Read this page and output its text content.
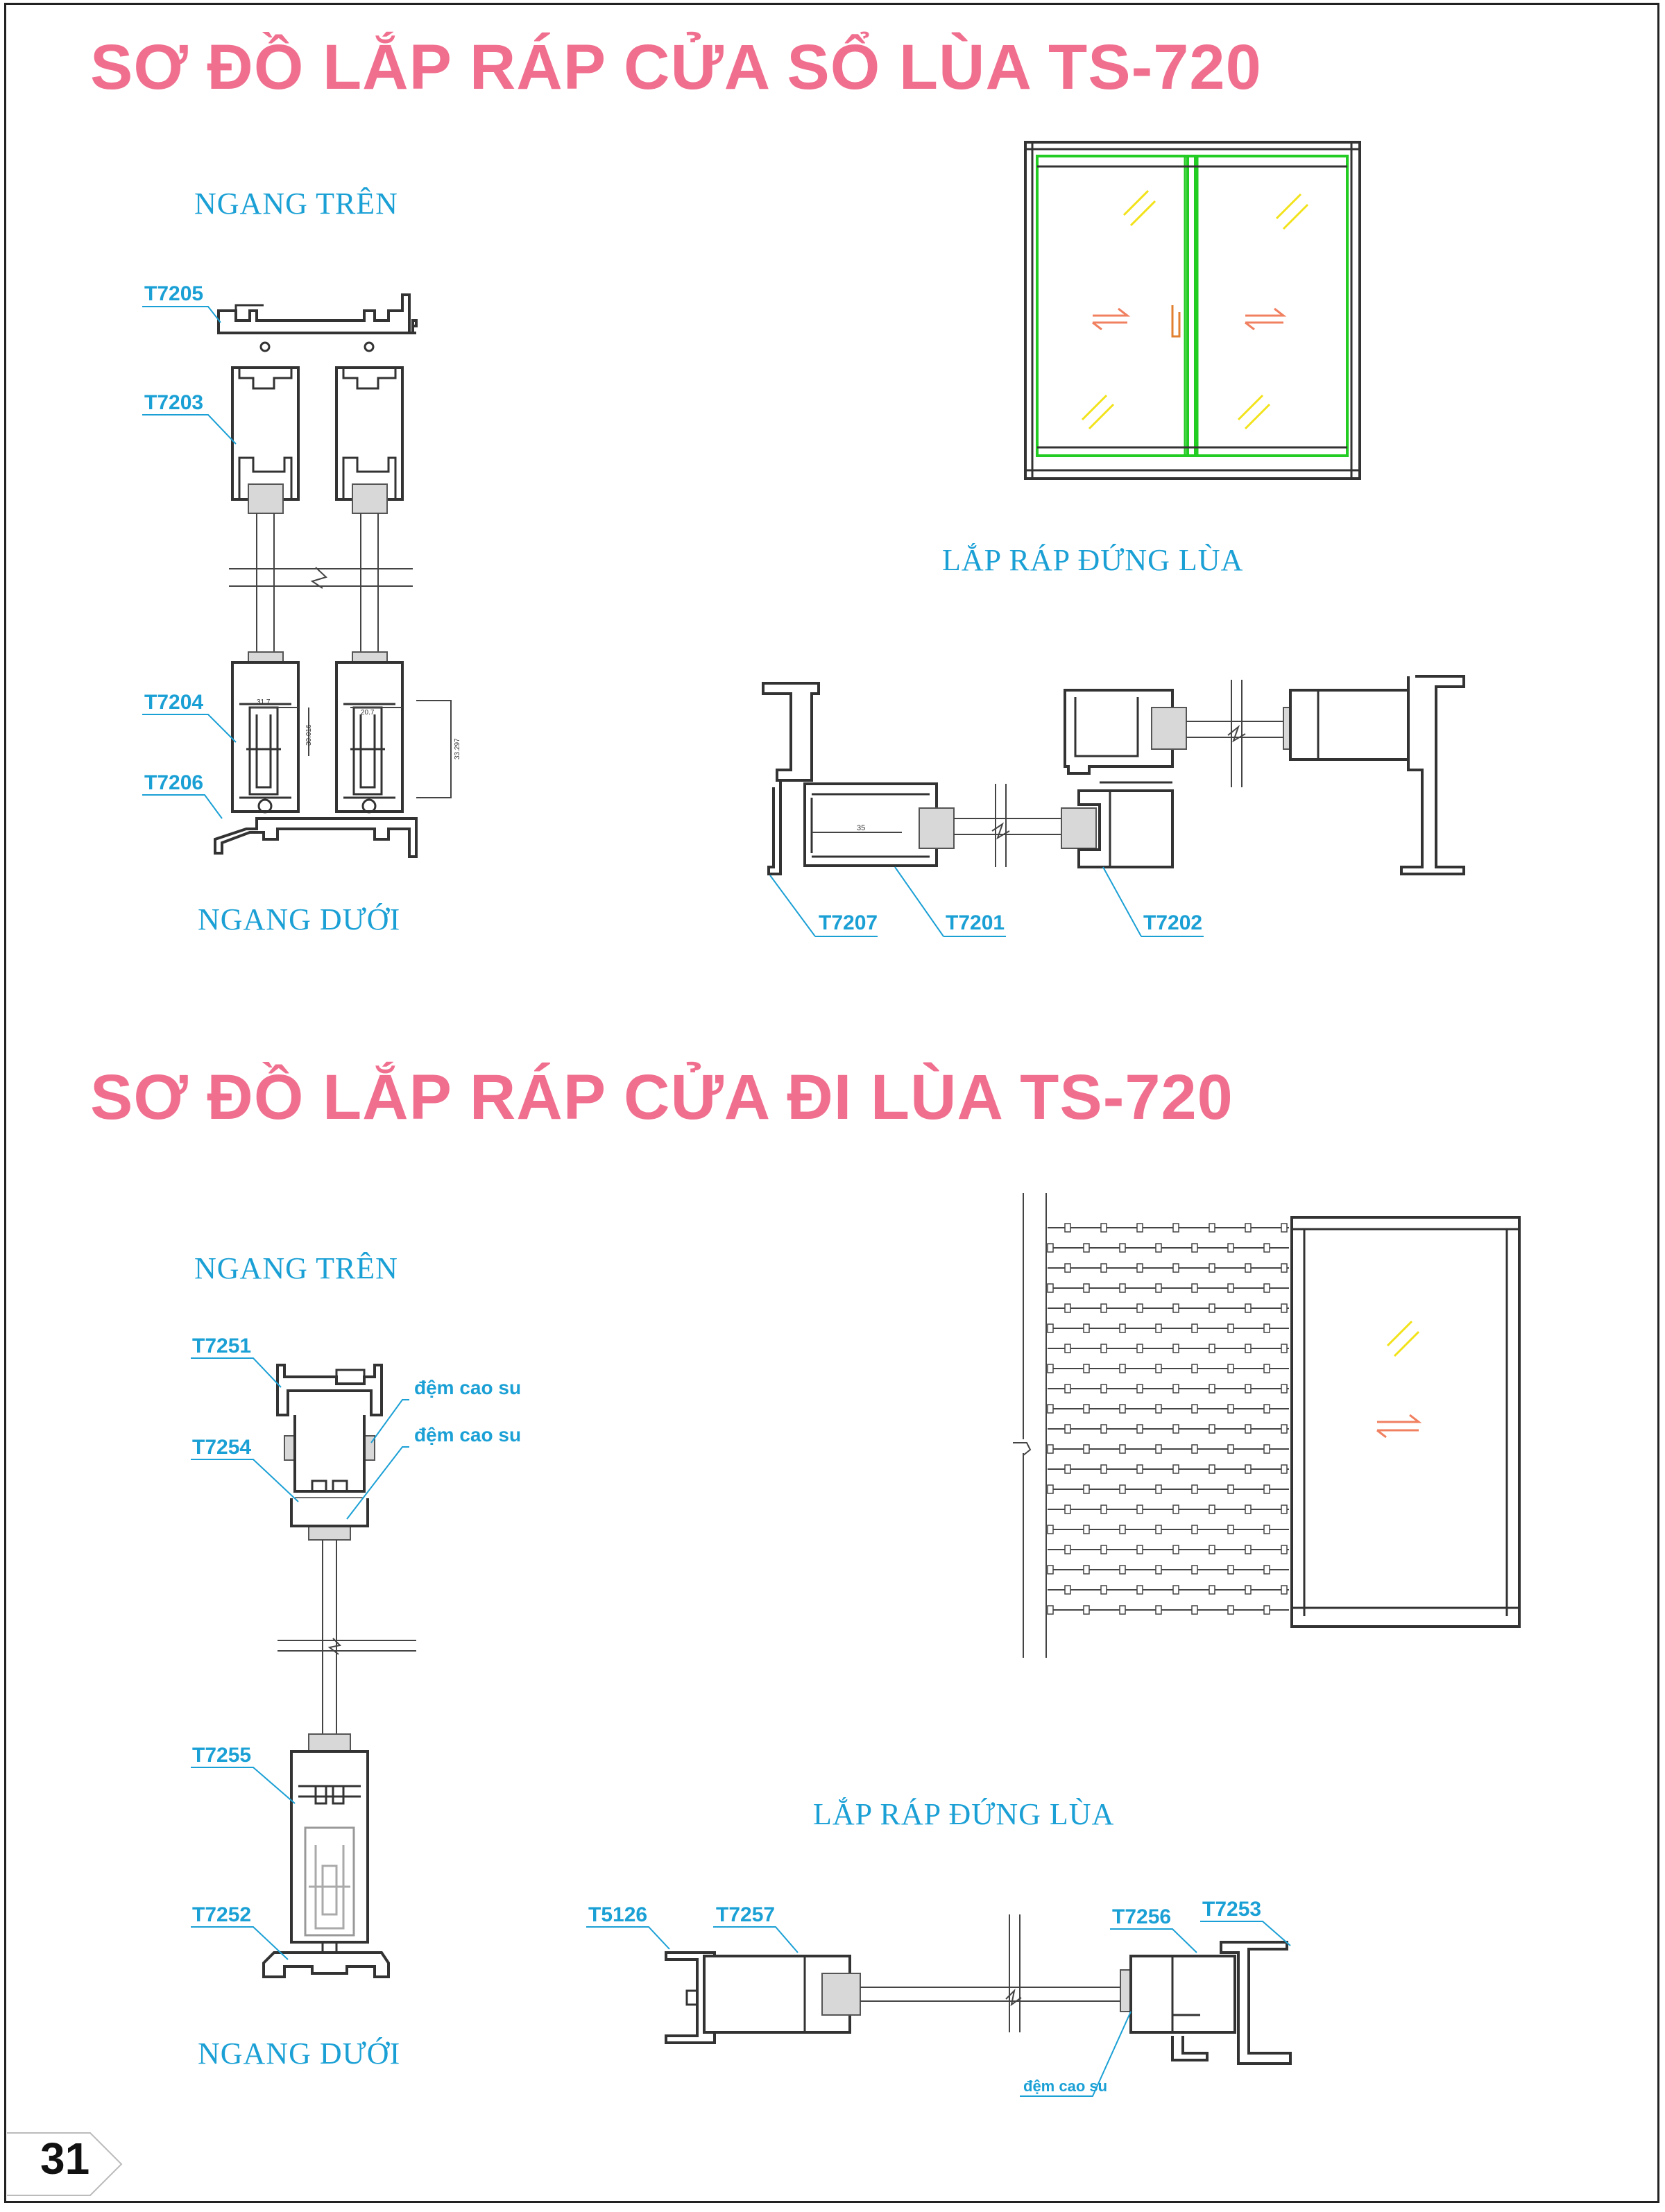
SƠ ĐỒ LẮP RÁP CỬA SỔ LÙA TS-720
SƠ ĐỒ LẮP RÁP CỬA ĐI LÙA TS-720
NGANG TRÊN
NGANG DƯỚI
LẮP RÁP ĐỨNG LÙA
NGANG TRÊN
NGANG DƯỚI
LẮP RÁP ĐỨNG LÙA
31.7
30.016
20.7
33.297
T7205
T7203
T7204
T7206
35
T7207	T7201	T7202
T7251
đệm cao su
đệm cao su
T7254
T7255
T7252	T5126	T7257	T7256 T7253
đệm cao su
31
